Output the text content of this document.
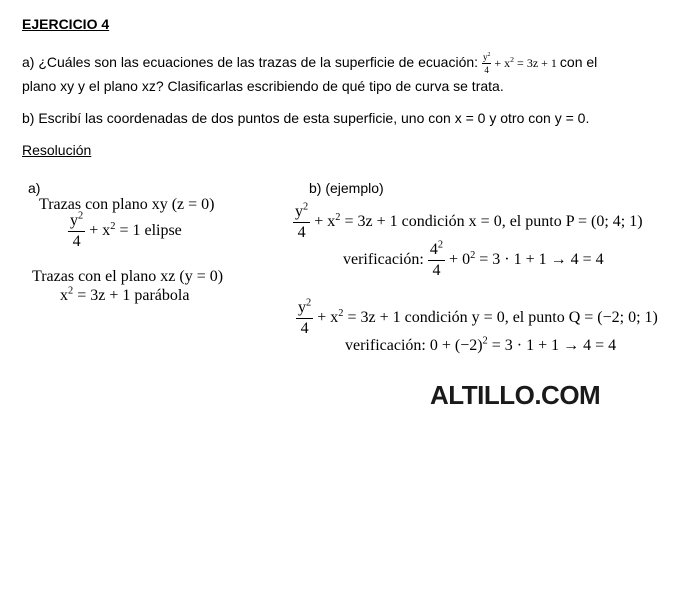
EJERCICIO 4
a) ¿Cuáles son las ecuaciones de las trazas de la superficie de ecuación: $\frac{y^2}{4} + x^2 = 3z + 1$ con el
plano xy y el plano xz? Clasificarlas escribiendo de qué tipo de curva se trata.
b) Escribí las coordenadas de dos puntos de esta superficie, uno con x = 0 y otro con y = 0.
Resolución
a)
Trazas con plano xy (z = 0)
$\frac{y^2}{4} + x^2 = 1$ elipse
Trazas con el plano xz (y = 0)
$x^2 = 3z + 1$ parábola
b) (ejemplo)
$\frac{y^2}{4} + x^2 = 3z + 1$ condición x = 0, el punto P = (0; 4; 1)
verificación: $\frac{4^2}{4} + 0^2 = 3 \cdot 1 + 1 \to 4 = 4$
$\frac{y^2}{4} + x^2 = 3z + 1$ condición y = 0, el punto Q = (−2; 0; 1)
verificación: $0 + (-2)^2 = 3 \cdot 1 + 1 \to 4 = 4$
ALTILLO.COM
